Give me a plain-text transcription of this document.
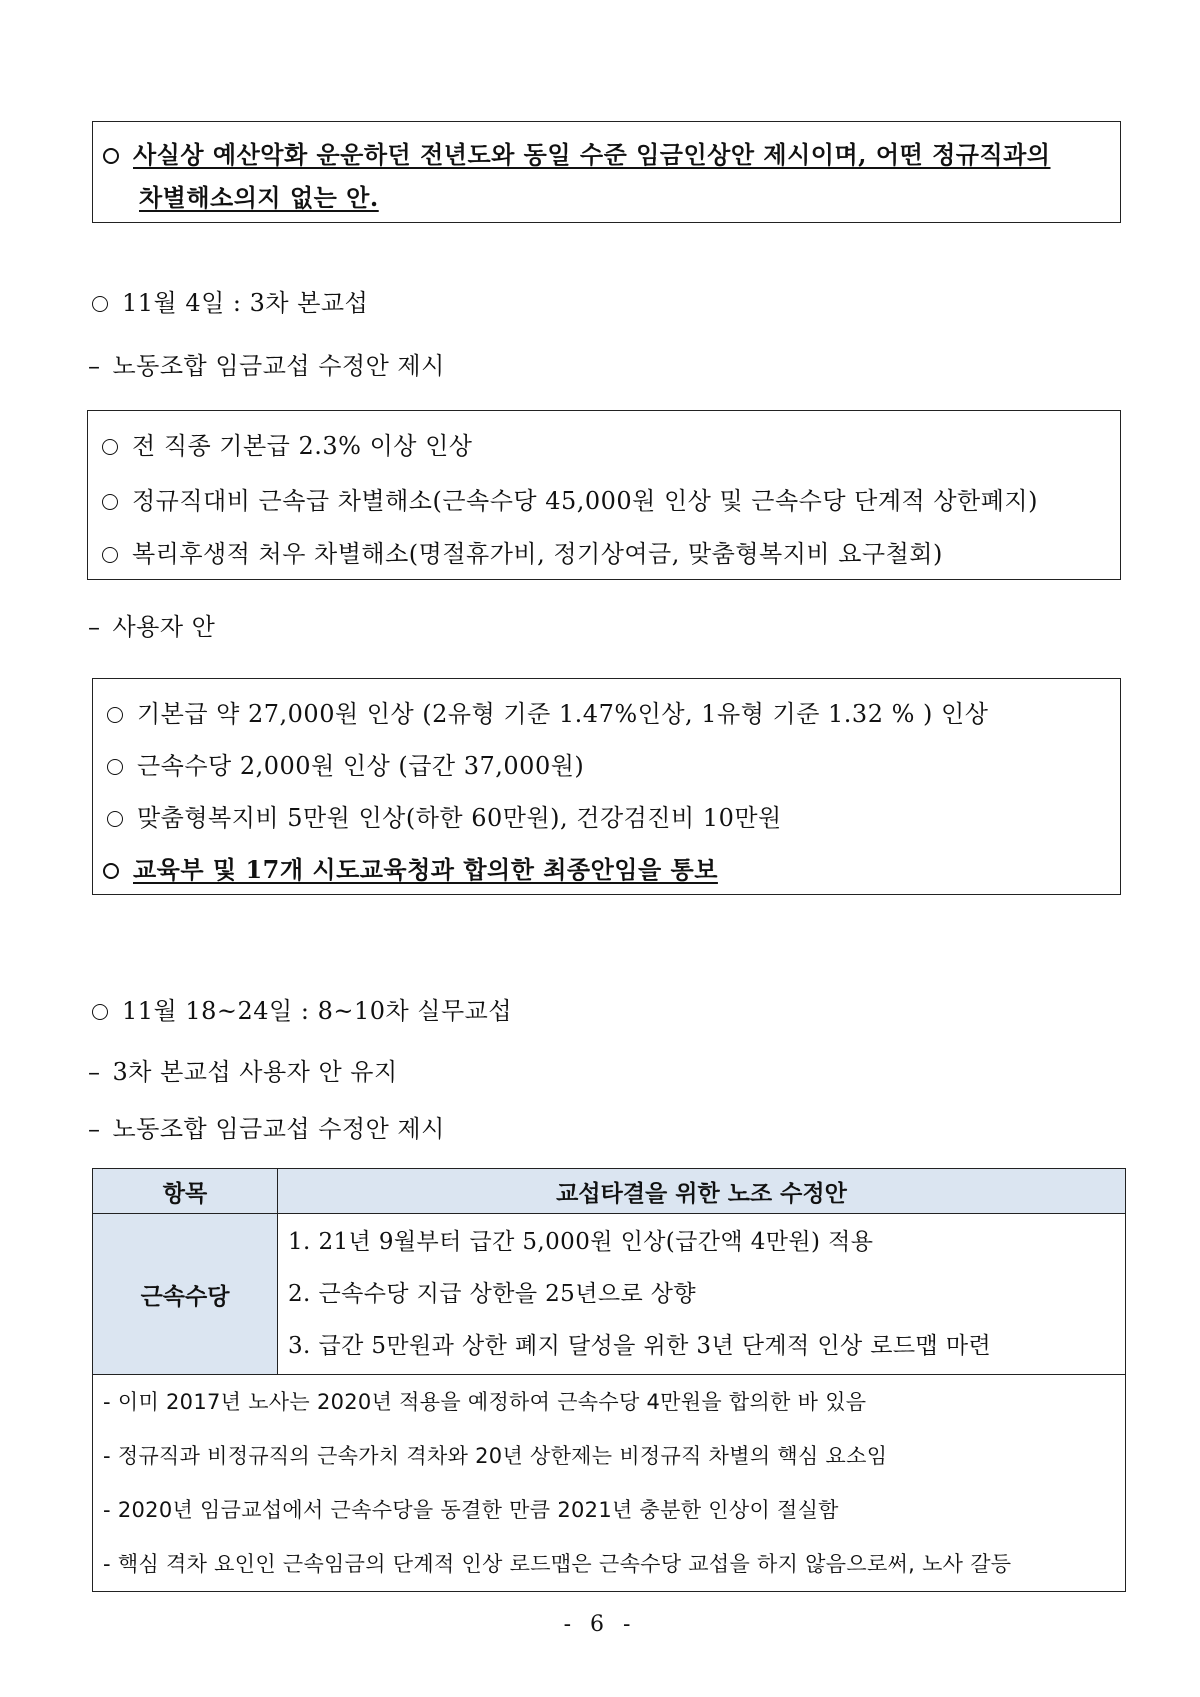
사실상 예산악화 운운하던 전년도와 동일 수준 임금인상안 제시이며, 어떤 정규직과의
차별해소의지 없는 안.
11월 4일 : 3차 본교섭
– 노동조합 임금교섭 수정안 제시
전 직종 기본급 2.3% 이상 인상
정규직대비 근속급 차별해소(근속수당 45,000원 인상 및 근속수당 단계적 상한폐지)
복리후생적 처우 차별해소(명절휴가비, 정기상여금, 맞춤형복지비 요구철회)
– 사용자 안
기본급 약 27,000원 인상 (2유형 기준 1.47%인상, 1유형 기준 1.32 % ) 인상
근속수당 2,000원 인상 (급간 37,000원)
맞춤형복지비 5만원 인상(하한 60만원), 건강검진비 10만원
교육부 및 17개 시도교육청과 합의한 최종안임을 통보
11월 18~24일 : 8~10차 실무교섭
– 3차 본교섭 사용자 안 유지
– 노동조합 임금교섭 수정안 제시
항목	교섭타결을 위한 노조 수정안
근속수당	1. 21년 9월부터 급간 5,000원 인상(급간액 4만원) 적용
2. 근속수당 지급 상한을 25년으로 상향
3. 급간 5만원과 상한 폐지 달성을 위한 3년 단계적 인상 로드맵 마련

- 이미 2017년 노사는 2020년 적용을 예정하여 근속수당 4만원을 합의한 바 있음
- 정규직과 비정규직의 근속가치 격차와 20년 상한제는 비정규직 차별의 핵심 요소임
- 2020년 임금교섭에서 근속수당을 동결한 만큼 2021년 충분한 인상이 절실함
- 핵심 격차 요인인 근속임금의 단계적 인상 로드맵은 근속수당 교섭을 하지 않음으로써, 노사 갈등	
- 6 -
